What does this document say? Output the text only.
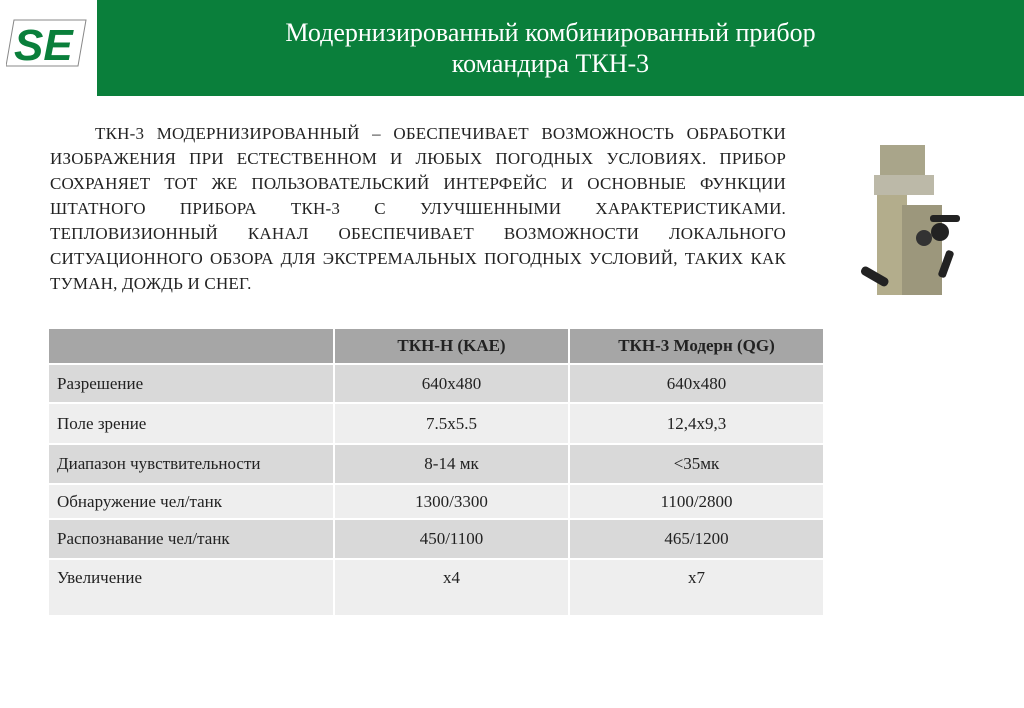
SE	Модернизированный комбинированный прибор
командира ТКН-3

ТКН-3 МОДЕРНИЗИРОВАННЫЙ – ОБЕСПЕЧИВАЕТ ВОЗМОЖНОСТЬ ОБРАБОТКИ ИЗОБРАЖЕНИЯ ПРИ ЕСТЕСТВЕННОМ И ЛЮБЫХ ПОГОДНЫХ УСЛОВИЯХ. ПРИБОР СОХРАНЯЕТ ТОТ ЖЕ ПОЛЬЗОВАТЕЛЬСКИЙ ИНТЕРФЕЙС И ОСНОВНЫЕ ФУНКЦИИ ШТАТНОГО ПРИБОРА ТКН-3 С УЛУЧШЕННЫМИ ХАРАКТЕРИСТИКАМИ. ТЕПЛОВИЗИОННЫЙ КАНАЛ ОБЕСПЕЧИВАЕТ ВОЗМОЖНОСТИ ЛОКАЛЬНОГО СИТУАЦИОННОГО ОБЗОРА ДЛЯ ЭКСТРЕМАЛЬНЫХ ПОГОДНЫХ УСЛОВИЙ, ТАКИХ КАК ТУМАН, ДОЖДЬ И СНЕГ.

	ТКН-Н (KAE)	ТКН-3 Модерн (QG)
Разрешение	640x480	640x480
Поле зрение	7.5x5.5	12,4x9,3
Диапазон чувствительности	8-14 мк	<35мк
Обнаружение чел/танк	1300/3300	1100/2800
Распознавание чел/танк	450/1100	465/1200
Увеличение	x4	x7
